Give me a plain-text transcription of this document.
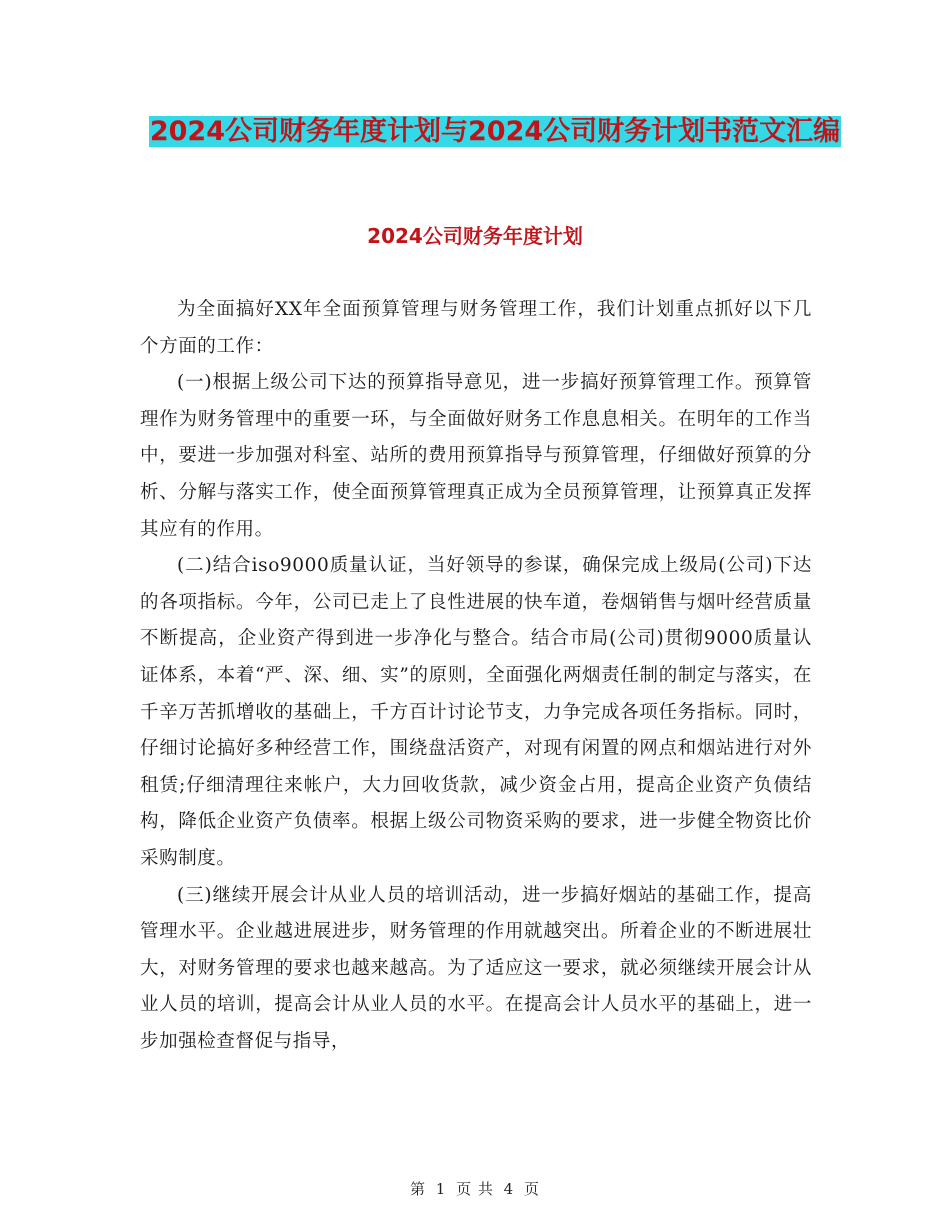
2024公司财务年度计划与2024公司财务计划书范文汇编
2024公司财务年度计划

为全面搞好XX年全面预算管理与财务管理工作，我们计划重点抓好以下几个方面的工作：

(一)根据上级公司下达的预算指导意见，进一步搞好预算管理工作。预算管理作为财务管理中的重要一环，与全面做好财务工作息息相关。在明年的工作当中，要进一步加强对科室、站所的费用预算指导与预算管理，仔细做好预算的分析、分解与落实工作，使全面预算管理真正成为全员预算管理，让预算真正发挥其应有的作用。

(二)结合iso9000质量认证，当好领导的参谋，确保完成上级局(公司)下达的各项指标。今年，公司已走上了良性进展的快车道，卷烟销售与烟叶经营质量不断提高，企业资产得到进一步净化与整合。结合市局(公司)贯彻9000质量认证体系，本着“严、深、细、实”的原则，全面强化两烟责任制的制定与落实，在千辛万苦抓增收的基础上，千方百计讨论节支，力争完成各项任务指标。同时，仔细讨论搞好多种经营工作，围绕盘活资产，对现有闲置的网点和烟站进行对外租赁;仔细清理往来帐户，大力回收货款，减少资金占用，提高企业资产负债结构，降低企业资产负债率。根据上级公司物资采购的要求，进一步健全物资比价采购制度。

(三)继续开展会计从业人员的培训活动，进一步搞好烟站的基础工作，提高管理水平。企业越进展进步，财务管理的作用就越突出。所着企业的不断进展壮大，对财务管理的要求也越来越高。为了适应这一要求，就必须继续开展会计从业人员的培训，提高会计从业人员的水平。在提高会计人员水平的基础上，进一步加强检查督促与指导，

第 1 页 共 4 页
